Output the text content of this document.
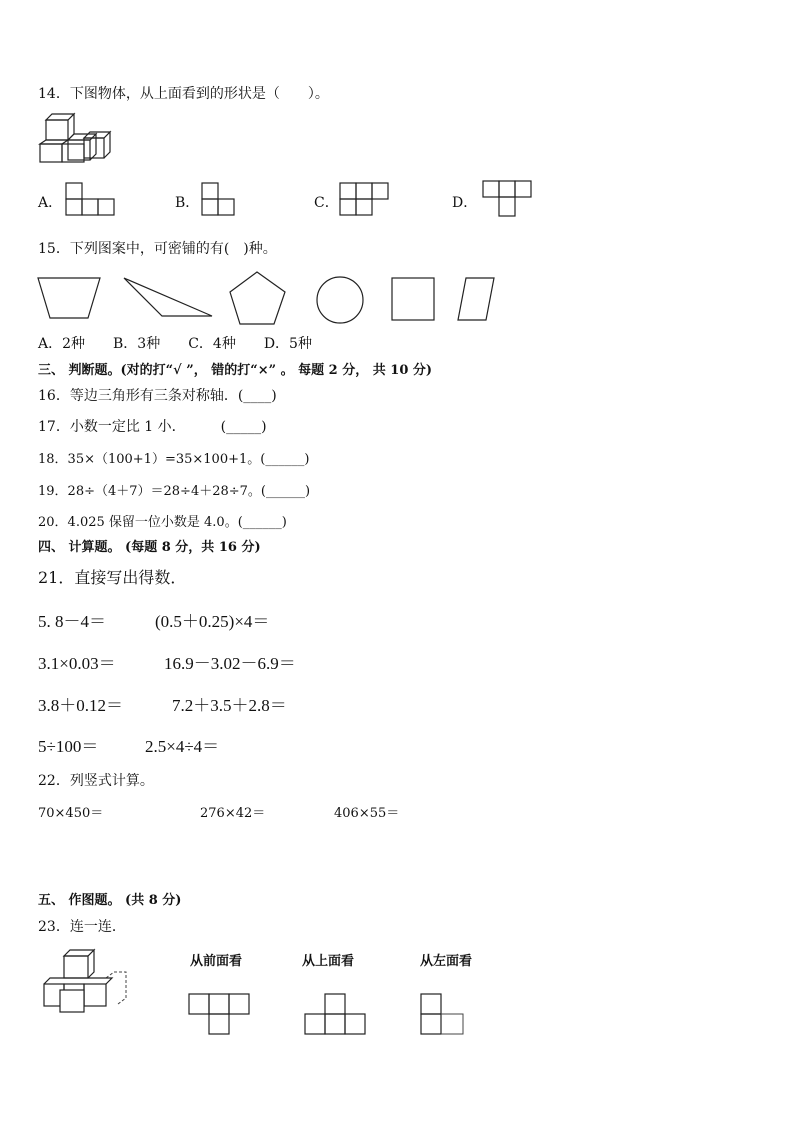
14．下图物体，从上面看到的形状是（　　）。
A．	B．	C．	D．
15．下列图案中，可密铺的有(　)种。
A．2种　　B．3种　　C．4种　　D．5种
三、 判断题。(对的打“√ ”， 错的打“×” 。 每题 2 分， 共 10 分)
16．等边三角形有三条对称轴．(____)
17．小数一定比 1 小．　　　(_____)
18．35×（100+1）=35×100+1。(______)
19．28÷（4＋7）＝28÷4＋28÷7。(______)
20．4.025 保留一位小数是 4.0。(______)
四、 计算题。 (每题 8 分，共 16 分)
21．直接写出得数．
5. 8－4＝	(0.5＋0.25)×4＝
3.1×0.03＝	16.9－3.02－6.9＝
3.8＋0.12＝	7.2＋3.5＋2.8＝
5÷100＝	2.5×4÷4＝
22．列竖式计算。
70×450＝	276×42＝	406×55＝
五、 作图题。 (共 8 分)
23．连一连．
从前面看	从上面看	从左面看
